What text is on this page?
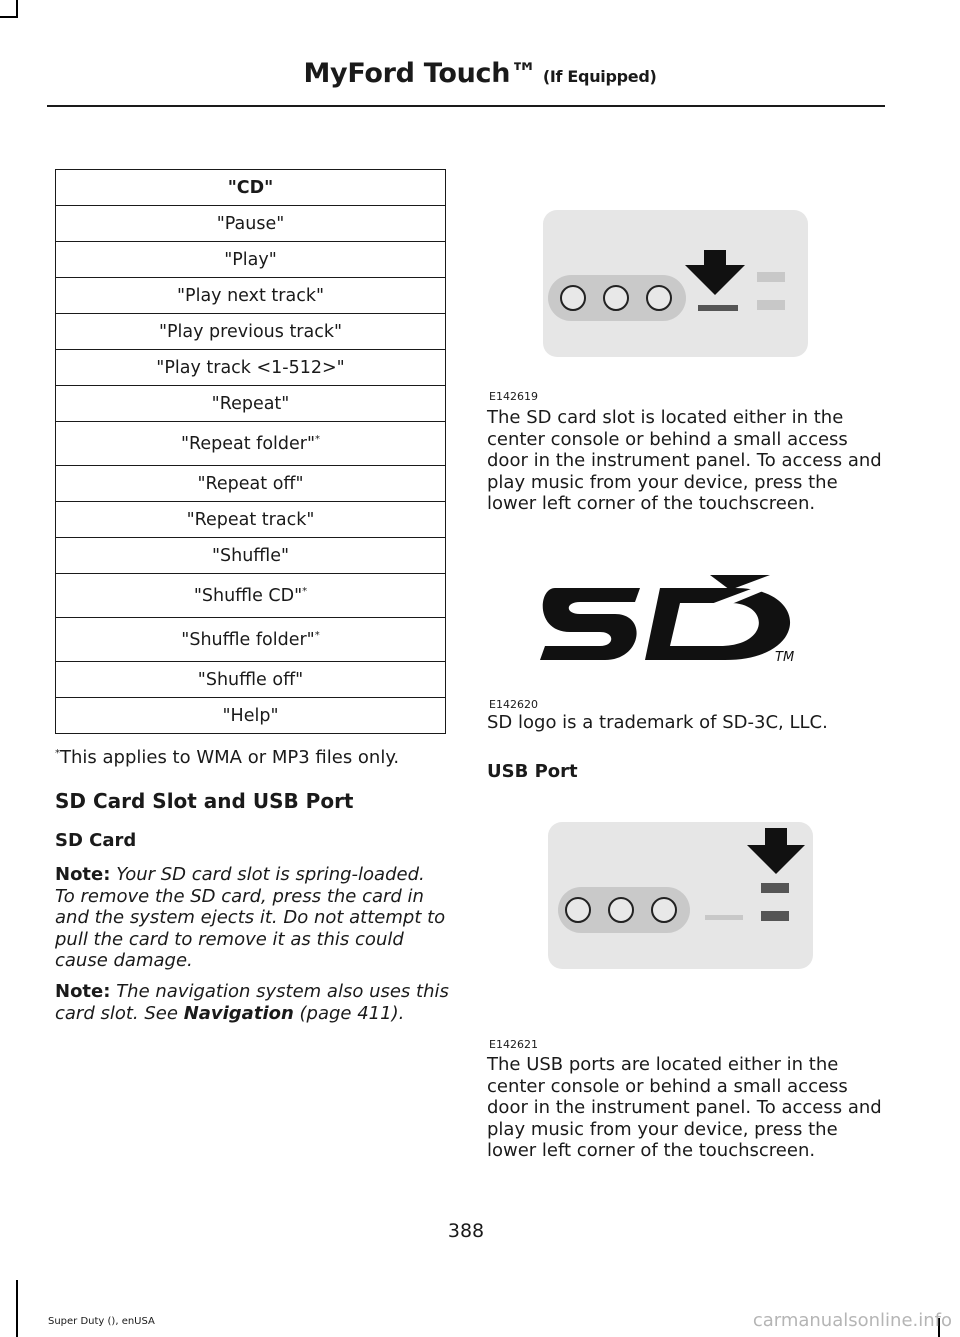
MyFord Touch™ (If Equipped)
"CD"
"Pause"
"Play"
"Play next track"
"Play previous track"
"Play track <1-512>"
"Repeat"
"Repeat folder"*
"Repeat off"
"Repeat track"
"Shuffle"
"Shuffle CD"*
"Shuffle folder"*
"Shuffle off"
"Help"
*This applies to WMA or MP3 files only.
SD Card Slot and USB Port
SD Card
Note: Your SD card slot is spring-loaded. To remove the SD card, press the card in and the system ejects it. Do not attempt to pull the card to remove it as this could cause damage.
Note: The navigation system also uses this card slot. See Navigation (page 411).
E142619
The SD card slot is located either in the center console or behind a small access door in the instrument panel. To access and play music from your device, press the lower left corner of the touchscreen.
TM
E142620
SD logo is a trademark of SD-3C, LLC.
USB Port
E142621
The USB ports are located either in the center console or behind a small access door in the instrument panel. To access and play music from your device, press the lower left corner of the touchscreen.
388
Super Duty (), enUSA	carmanualsonline.info
